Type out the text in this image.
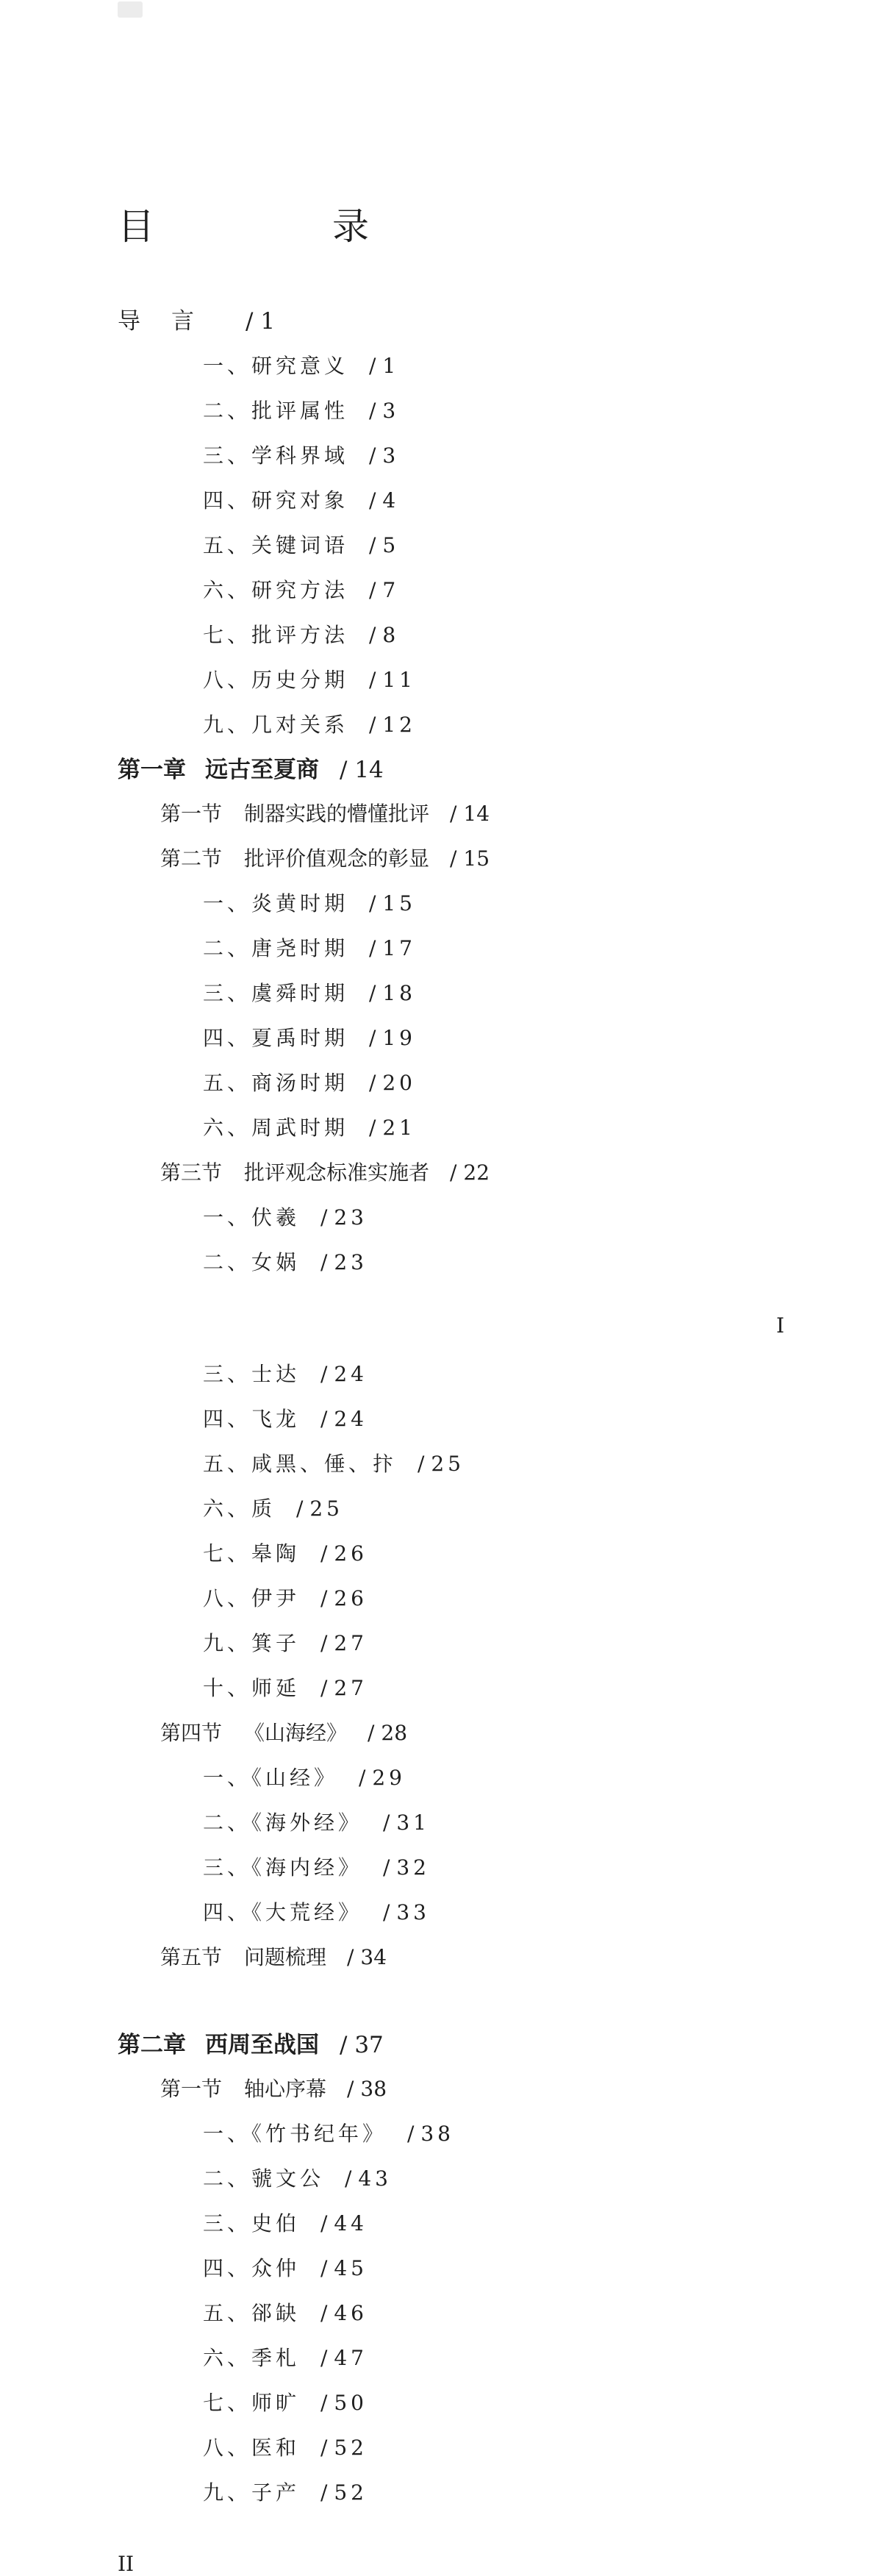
目　录
导言 / 1
一、研究意义 / 1
二、批评属性 / 3
三、学科界域 / 3
四、研究对象 / 4
五、关键词语 / 5
六、研究方法 / 7
七、批评方法 / 8
八、历史分期 / 11
九、几对关系 / 12
第一章 远古至夏商 / 14
第一节 制器实践的懵懂批评 / 14
第二节 批评价值观念的彰显 / 15
一、炎黄时期 / 15
二、唐尧时期 / 17
三、虞舜时期 / 18
四、夏禹时期 / 19
五、商汤时期 / 20
六、周武时期 / 21
第三节 批评观念标准实施者 / 22
一、伏羲 / 23
二、女娲 / 23
三、士达 / 24
四、飞龙 / 24
五、咸黑、倕、抃 / 25
六、质 / 25
七、皋陶 / 26
八、伊尹 / 26
九、箕子 / 27
十、师延 / 27
第四节 《山海经》 / 28
一、《山经》 / 29
二、《海外经》 / 31
三、《海内经》 / 32
四、《大荒经》 / 33
第五节 问题梳理 / 34
第二章 西周至战国 / 37
第一节 轴心序幕 / 38
一、《竹书纪年》 / 38
二、虢文公 / 43
三、史伯 / 44
四、众仲 / 45
五、郤缺 / 46
六、季札 / 47
七、师旷 / 50
八、医和 / 52
九、子产 / 52
I
II
